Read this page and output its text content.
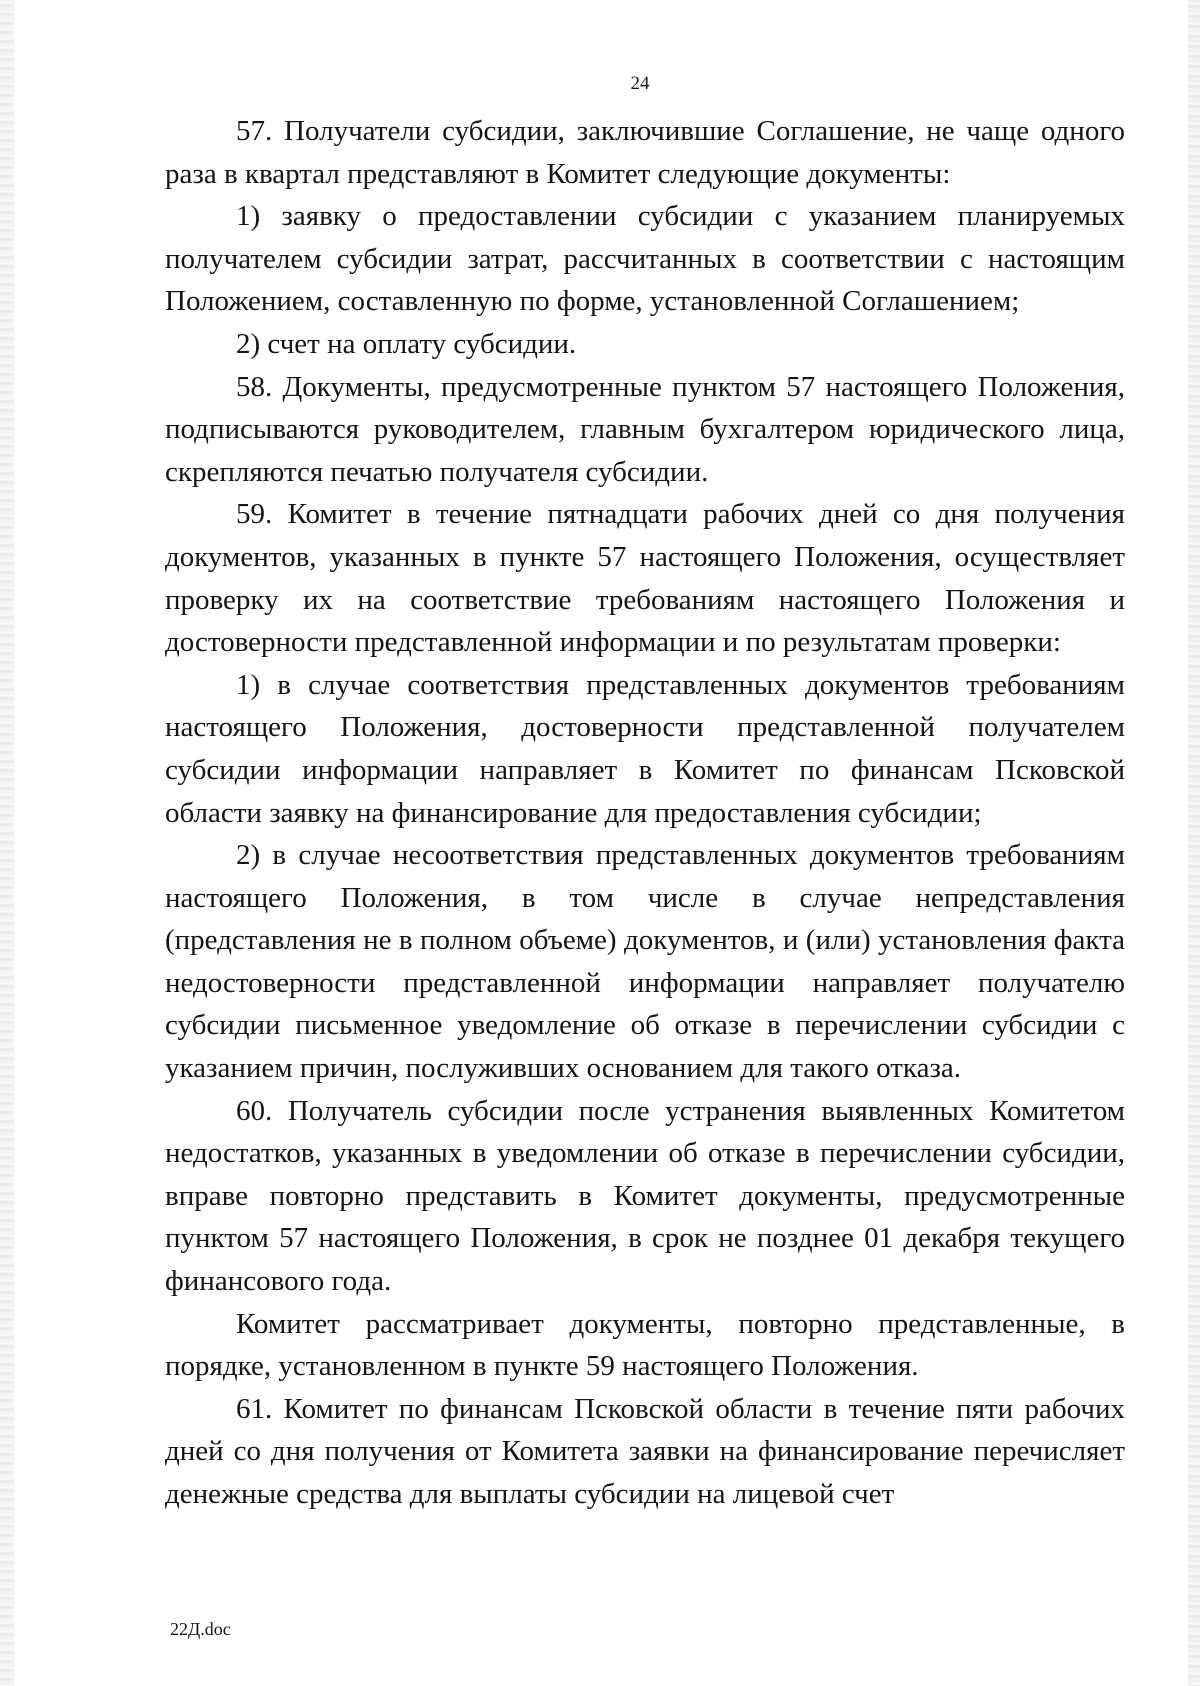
24

57. Получатели субсидии, заключившие Соглашение, не чаще одного раза в квартал представляют в Комитет следующие документы:

1) заявку о предоставлении субсидии с указанием планируемых получателем субсидии затрат, рассчитанных в соответствии с настоящим Положением, составленную по форме, установленной Соглашением;

2) счет на оплату субсидии.

58. Документы, предусмотренные пунктом 57 настоящего Положения, подписываются руководителем, главным бухгалтером юридического лица, скрепляются печатью получателя субсидии.

59. Комитет в течение пятнадцати рабочих дней со дня получения документов, указанных в пункте 57 настоящего Положения, осуществляет проверку их на соответствие требованиям настоящего Положения и достоверности представленной информации и по результатам проверки:

1) в случае соответствия представленных документов требованиям настоящего Положения, достоверности представленной получателем субсидии информации направляет в Комитет по финансам Псковской области заявку на финансирование для предоставления субсидии;

2) в случае несоответствия представленных документов требованиям настоящего Положения, в том числе в случае непредставления (представления не в полном объеме) документов, и (или) установления факта недостоверности представленной информации направляет получателю субсидии письменное уведомление об отказе в перечислении субсидии с указанием причин, послуживших основанием для такого отказа.

60. Получатель субсидии после устранения выявленных Комитетом недостатков, указанных в уведомлении об отказе в перечислении субсидии, вправе повторно представить в Комитет документы, предусмотренные пунктом 57 настоящего Положения, в срок не позднее 01 декабря текущего финансового года.

Комитет рассматривает документы, повторно представленные, в порядке, установленном в пункте 59 настоящего Положения.

61. Комитет по финансам Псковской области в течение пяти рабочих дней со дня получения от Комитета заявки на финансирование перечисляет денежные средства для выплаты субсидии на лицевой счет

22Д.doc
